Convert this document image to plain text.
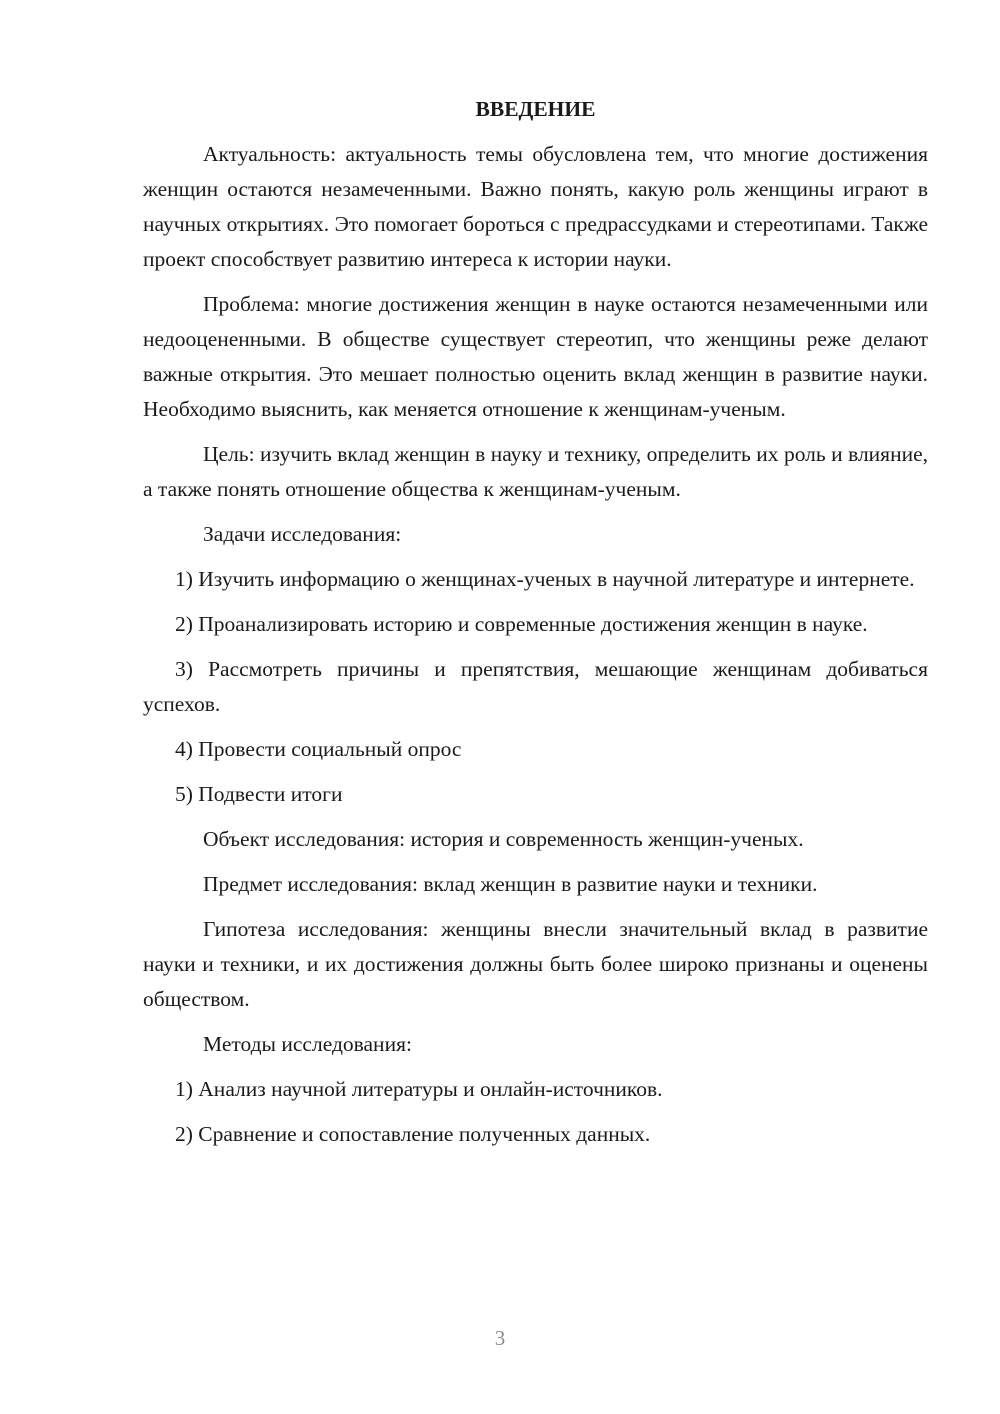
ВВЕДЕНИЕ

Актуальность: актуальность темы обусловлена тем, что многие достижения женщин остаются незамеченными. Важно понять, какую роль женщины играют в научных открытиях. Это помогает бороться с предрассудками и стереотипами. Также проект способствует развитию интереса к истории науки.

Проблема: многие достижения женщин в науке остаются незамеченными или недооцененными. В обществе существует стереотип, что женщины реже делают важные открытия. Это мешает полностью оценить вклад женщин в развитие науки. Необходимо выяснить, как меняется отношение к женщинам-ученым.

Цель: изучить вклад женщин в науку и технику, определить их роль и влияние, а также понять отношение общества к женщинам-ученым.

Задачи исследования:

1) Изучить информацию о женщинах-ученых в научной литературе и интернете.

2) Проанализировать историю и современные достижения женщин в науке.

3) Рассмотреть причины и препятствия, мешающие женщинам добиваться успехов.

4) Провести социальный опрос

5) Подвести итоги

Объект исследования: история и современность женщин-ученых.

Предмет исследования: вклад женщин в развитие науки и техники.

Гипотеза исследования: женщины внесли значительный вклад в развитие науки и техники, и их достижения должны быть более широко признаны и оценены обществом.

Методы исследования:

1) Анализ научной литературы и онлайн-источников.

2) Сравнение и сопоставление полученных данных.

3
